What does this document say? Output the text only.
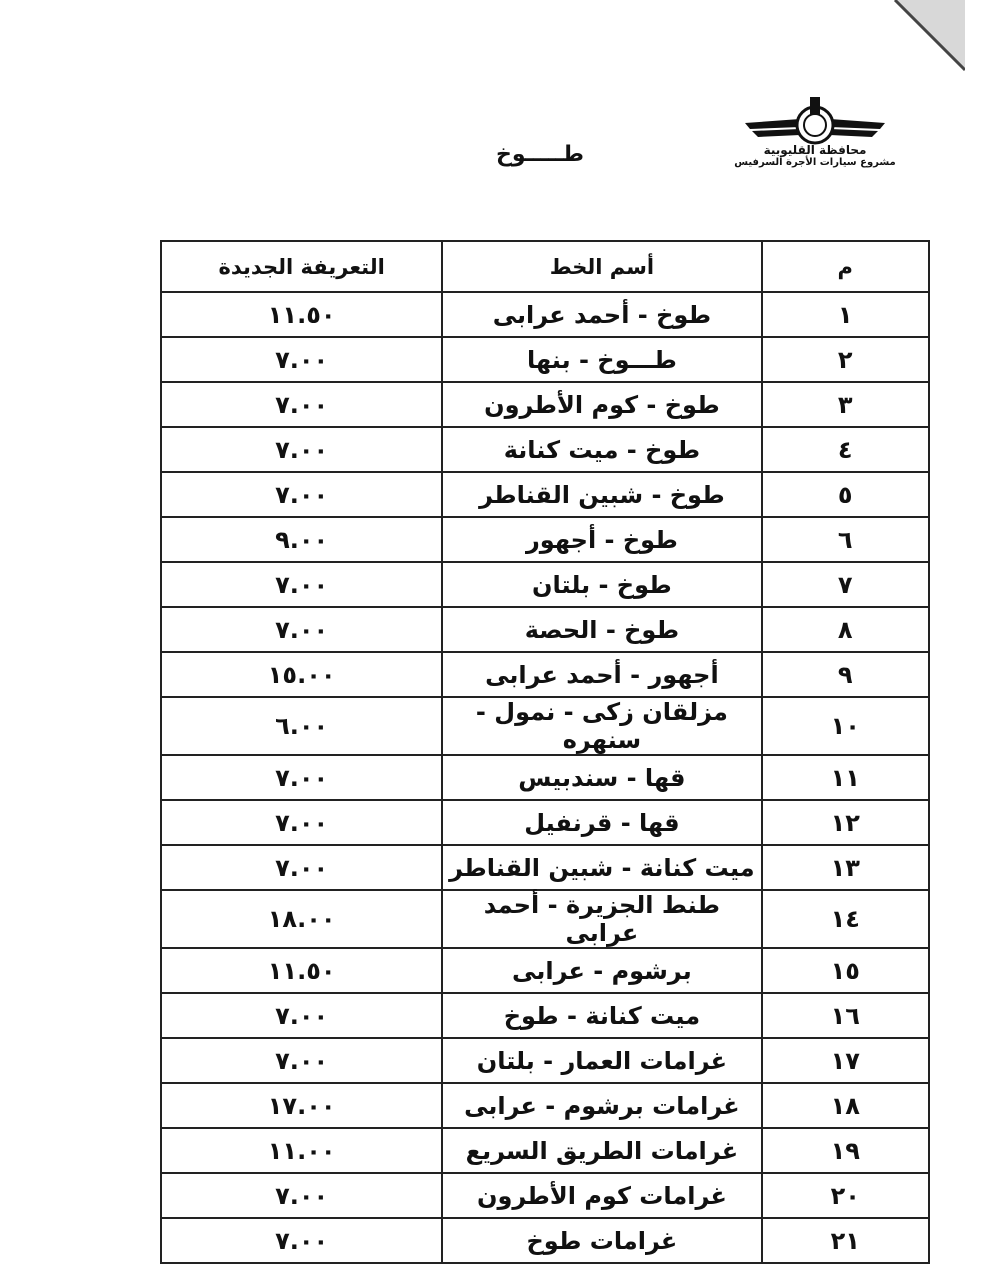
محافظة القليوبية
مشروع سيارات الأجرة السرفيس
طـــــوخ
م	أسم الخط	التعريفة الجديدة
١	طوخ - أحمد عرابى	١١.٥٠
٢	طـــوخ - بنها	٧.٠٠
٣	طوخ - كوم الأطرون	٧.٠٠
٤	طوخ - ميت كنانة	٧.٠٠
٥	طوخ - شبين القناطر	٧.٠٠
٦	طوخ - أجهور	٩.٠٠
٧	طوخ - بلتان	٧.٠٠
٨	طوخ - الحصة	٧.٠٠
٩	أجهور - أحمد عرابى	١٥.٠٠
١٠	مزلقان زكى - نمول - سنهره	٦.٠٠
١١	قها - سندبيس	٧.٠٠
١٢	قها - قرنفيل	٧.٠٠
١٣	ميت كنانة - شبين القناطر	٧.٠٠
١٤	طنط الجزيرة - أحمد عرابى	١٨.٠٠
١٥	برشوم - عرابى	١١.٥٠
١٦	ميت كنانة - طوخ	٧.٠٠
١٧	غرامات العمار - بلتان	٧.٠٠
١٨	غرامات برشوم - عرابى	١٧.٠٠
١٩	غرامات الطريق السريع	١١.٠٠
٢٠	غرامات كوم الأطرون	٧.٠٠
٢١	غرامات طوخ	٧.٠٠
